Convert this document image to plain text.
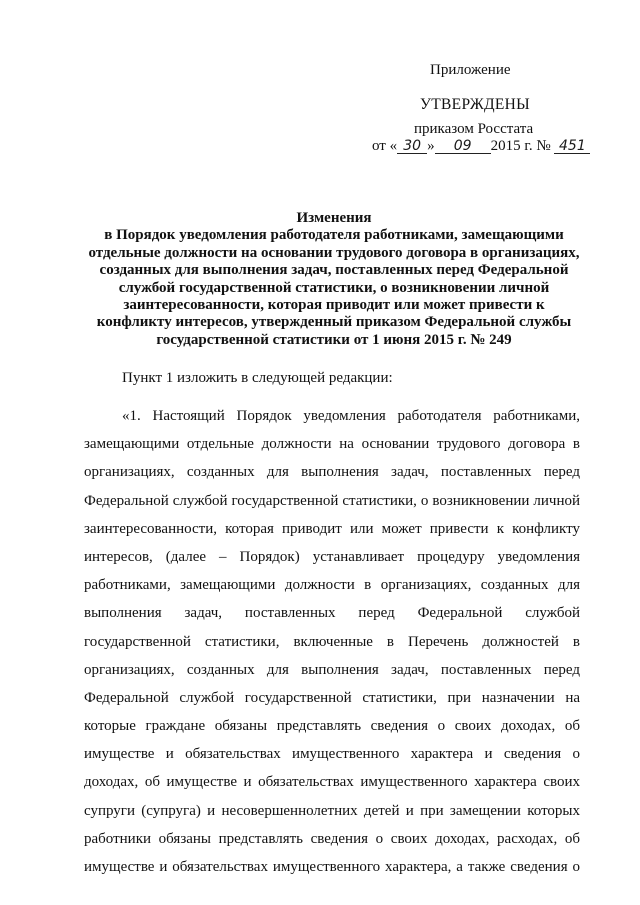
Приложение
УТВЕРЖДЕНЫ
приказом Росстата
от « 30 » 09 2015 г. № 451
Изменения
в Порядок уведомления работодателя работниками, замещающими
отдельные должности на основании трудового договора в организациях,
созданных для выполнения задач, поставленных перед Федеральной
службой государственной статистики, о возникновении личной
заинтересованности, которая приводит или может привести к
конфликту интересов, утвержденный приказом Федеральной службы
государственной статистики от 1 июня 2015 г. № 249
Пункт 1 изложить в следующей редакции:
«1. Настоящий Порядок уведомления работодателя работниками,
замещающими отдельные должности на основании трудового договора в
организациях, созданных для выполнения задач, поставленных перед
Федеральной службой государственной статистики, о возникновении личной
заинтересованности, которая приводит или может привести к конфликту
интересов, (далее – Порядок) устанавливает процедуру уведомления
работниками, замещающими должности в организациях, созданных для
выполнения задач, поставленных перед Федеральной службой
государственной статистики, включенные в Перечень должностей в
организациях, созданных для выполнения задач, поставленных перед
Федеральной службой государственной статистики, при назначении на
которые граждане обязаны представлять сведения о своих доходах, об
имуществе и обязательствах имущественного характера и сведения о
доходах, об имуществе и обязательствах имущественного характера своих
супруги (супруга) и несовершеннолетних детей и при замещении которых
работники обязаны представлять сведения о своих доходах, расходах, об
имуществе и обязательствах имущественного характера, а также сведения о
